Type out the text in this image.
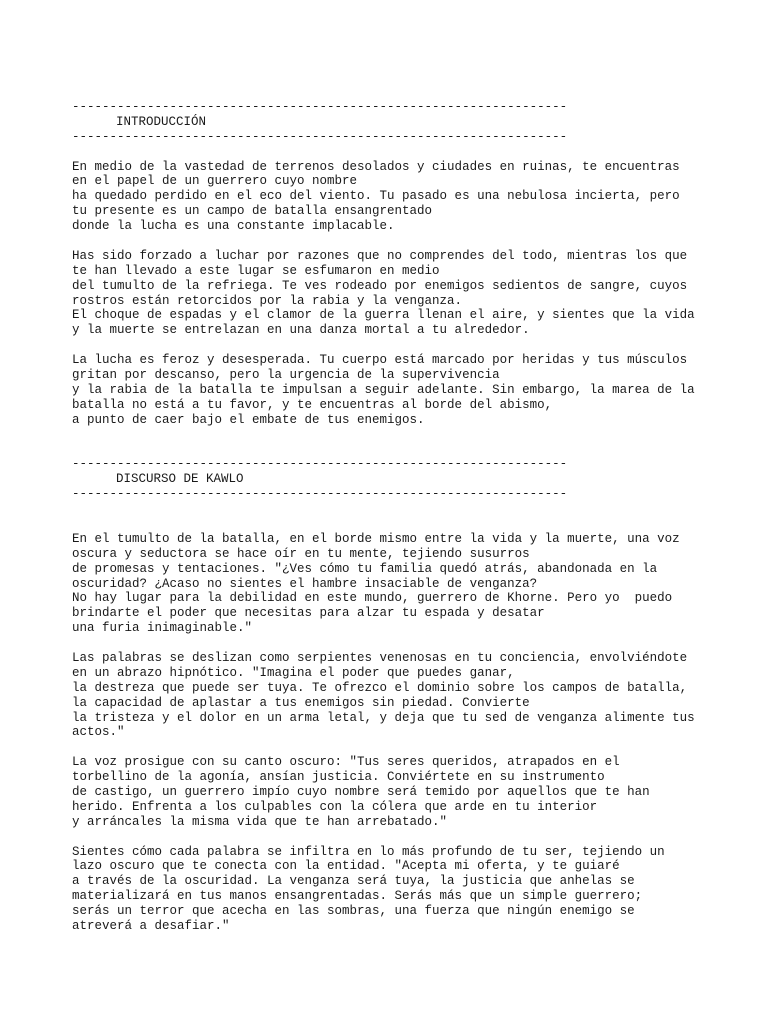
------------------------------------------------------------------
INTRODUCCIÓN
------------------------------------------------------------------
En medio de la vastedad de terrenos desolados y ciudades en ruinas, te encuentras
en el papel de un guerrero cuyo nombre
ha quedado perdido en el eco del viento. Tu pasado es una nebulosa incierta, pero
tu presente es un campo de batalla ensangrentado
donde la lucha es una constante implacable.
Has sido forzado a luchar por razones que no comprendes del todo, mientras los que
te han llevado a este lugar se esfumaron en medio
del tumulto de la refriega. Te ves rodeado por enemigos sedientos de sangre, cuyos
rostros están retorcidos por la rabia y la venganza.
El choque de espadas y el clamor de la guerra llenan el aire, y sientes que la vida
y la muerte se entrelazan en una danza mortal a tu alrededor.
La lucha es feroz y desesperada. Tu cuerpo está marcado por heridas y tus músculos
gritan por descanso, pero la urgencia de la supervivencia
y la rabia de la batalla te impulsan a seguir adelante. Sin embargo, la marea de la
batalla no está a tu favor, y te encuentras al borde del abismo,
a punto de caer bajo el embate de tus enemigos.
------------------------------------------------------------------
DISCURSO DE KAWLO
------------------------------------------------------------------
En el tumulto de la batalla, en el borde mismo entre la vida y la muerte, una voz
oscura y seductora se hace oír en tu mente, tejiendo susurros
de promesas y tentaciones. "¿Ves cómo tu familia quedó atrás, abandonada en la
oscuridad? ¿Acaso no sientes el hambre insaciable de venganza?
No hay lugar para la debilidad en este mundo, guerrero de Khorne. Pero yo  puedo
brindarte el poder que necesitas para alzar tu espada y desatar
una furia inimaginable."
Las palabras se deslizan como serpientes venenosas en tu conciencia, envolviéndote
en un abrazo hipnótico. "Imagina el poder que puedes ganar,
la destreza que puede ser tuya. Te ofrezco el dominio sobre los campos de batalla,
la capacidad de aplastar a tus enemigos sin piedad. Convierte
la tristeza y el dolor en un arma letal, y deja que tu sed de venganza alimente tus
actos."
La voz prosigue con su canto oscuro: "Tus seres queridos, atrapados en el
torbellino de la agonía, ansían justicia. Conviértete en su instrumento
de castigo, un guerrero impío cuyo nombre será temido por aquellos que te han
herido. Enfrenta a los culpables con la cólera que arde en tu interior
y arráncales la misma vida que te han arrebatado."
Sientes cómo cada palabra se infiltra en lo más profundo de tu ser, tejiendo un
lazo oscuro que te conecta con la entidad. "Acepta mi oferta, y te guiaré
a través de la oscuridad. La venganza será tuya, la justicia que anhelas se
materializará en tus manos ensangrentadas. Serás más que un simple guerrero;
serás un terror que acecha en las sombras, una fuerza que ningún enemigo se
atreverá a desafiar."
